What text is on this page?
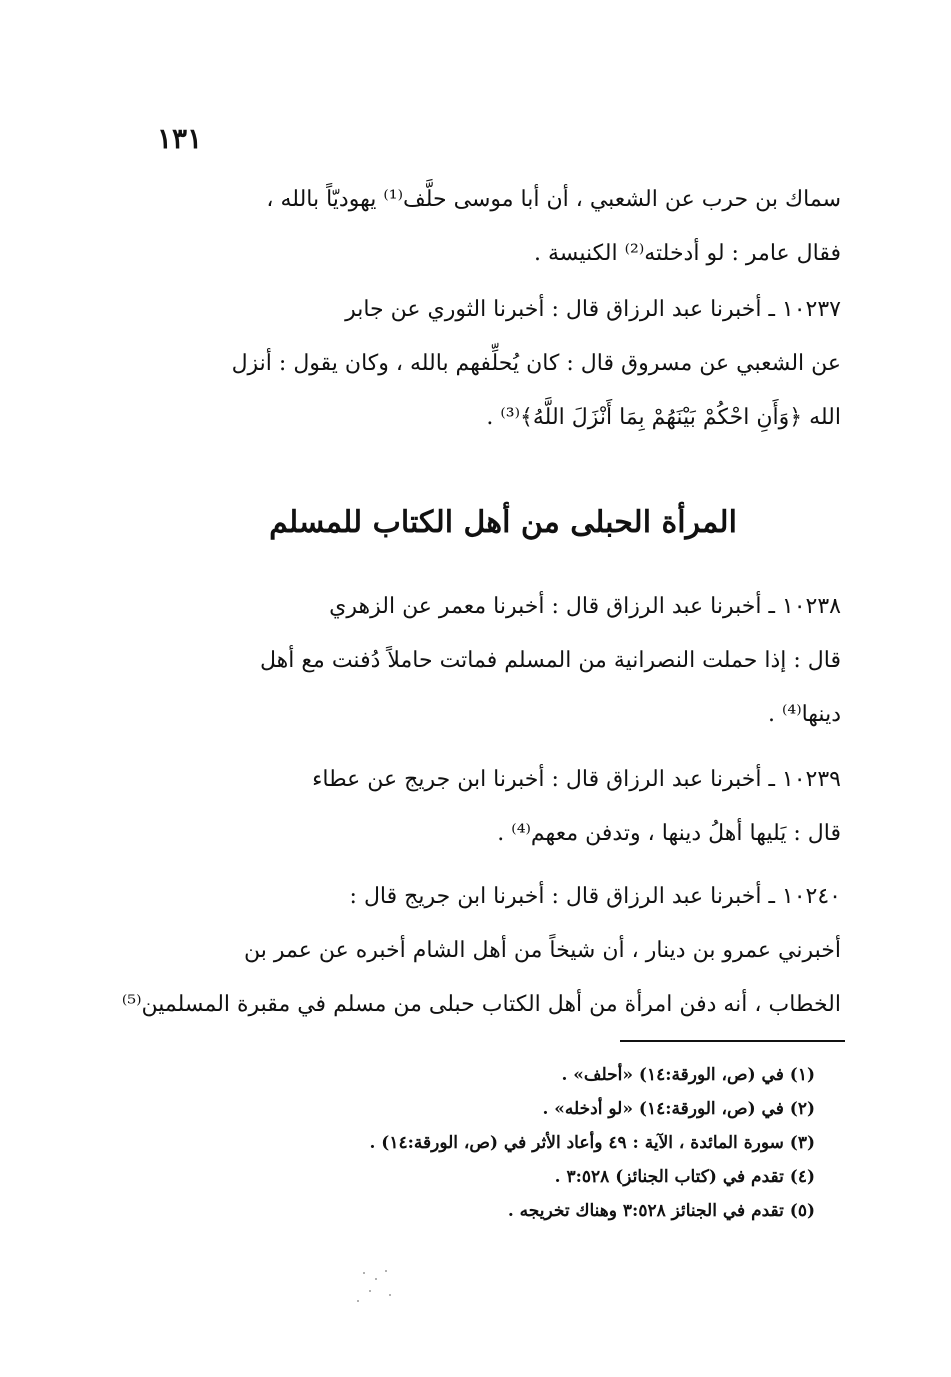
١٣١
سماك بن حرب عن الشعبي ، أن أبا موسى حلَّف⁽¹⁾ يهوديّاً بالله ،
فقال عامر : لو أدخلته⁽²⁾ الكنيسة .
١٠٢٣٧ ـ أخبرنا عبد الرزاق قال : أخبرنا الثوري عن جابر
عن الشعبي عن مسروق قال : كان يُحلِّفهم بالله ، وكان يقول : أنزل
الله ﴿وَأَنِ احْكُمْ بَيْنَهُمْ بِمَا أَنْزَلَ اللَّهُ﴾⁽³⁾ .
المرأة الحبلى من أهل الكتاب للمسلم
١٠٢٣٨ ـ أخبرنا عبد الرزاق قال : أخبرنا معمر عن الزهري
قال : إذا حملت النصرانية من المسلم فماتت حاملاً دُفنت مع أهل
دينها⁽⁴⁾ .
١٠٢٣٩ ـ أخبرنا عبد الرزاق قال : أخبرنا ابن جريج عن عطاء
قال : يَليها أهلُ دينها ، وتدفن معهم⁽⁴⁾ .
١٠٢٤٠ ـ أخبرنا عبد الرزاق قال : أخبرنا ابن جريج قال :
أخبرني عمرو بن دينار ، أن شيخاً من أهل الشام أخبره عن عمر بن
الخطاب ، أنه دفن امرأة من أهل الكتاب حبلى من مسلم في مقبرة المسلمين⁽⁵⁾
(١) في (ص، الورقة:١٤) «أحلف» .
(٢) في (ص، الورقة:١٤) «لو أدخله» .
(٣) سورة المائدة ، الآية : ٤٩ وأعاد الأثر في (ص، الورقة:١٤) .
(٤) تقدم في (كتاب الجنائز) ٣:٥٢٨ .
(٥) تقدم في الجنائز ٣:٥٢٨ وهناك تخريجه .
